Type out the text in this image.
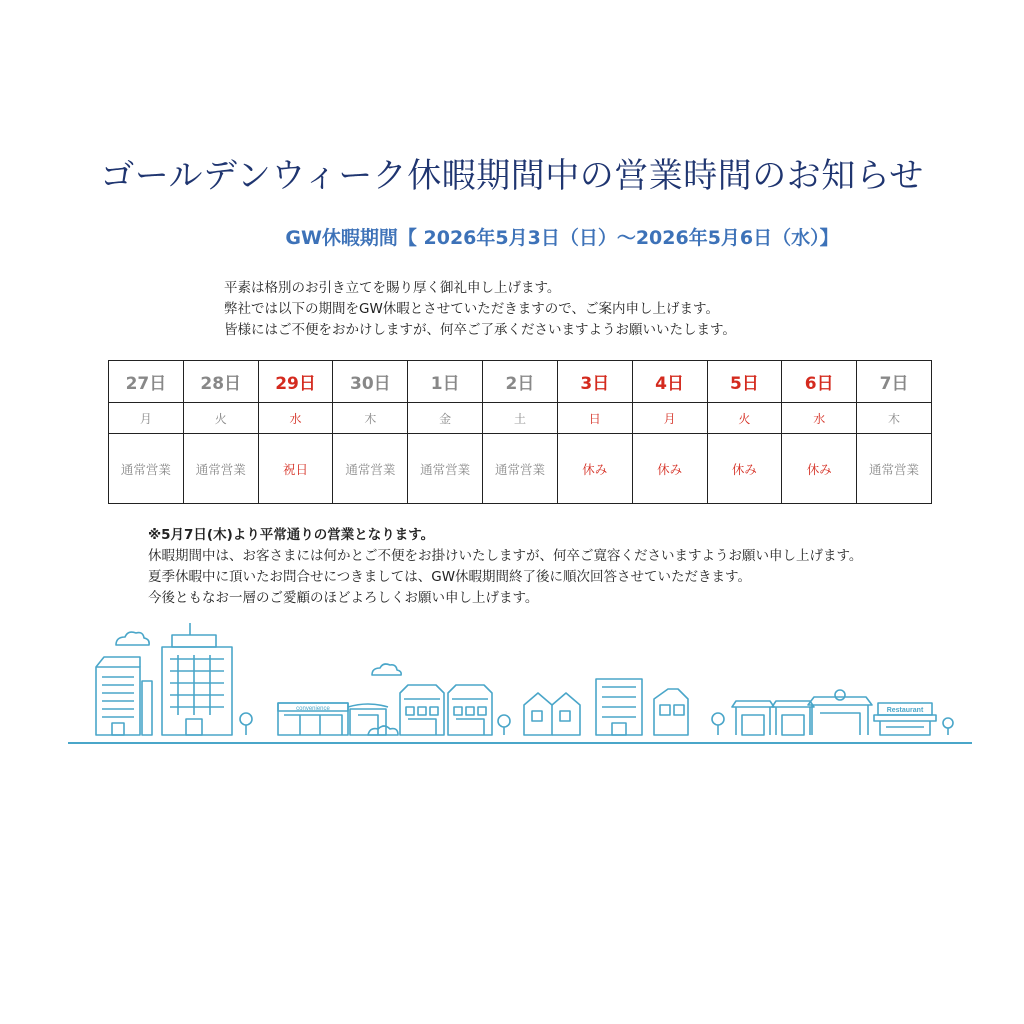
ゴールデンウィーク休暇期間中の営業時間のお知らせ
GW休暇期間【 2026年5月3日（日）～2026年5月6日（水）】
平素は格別のお引き立てを賜り厚く御礼申し上げます。
弊社では以下の期間をGW休暇とさせていただきますので、ご案内申し上げます。
皆様にはご不便をおかけしますが、何卒ご了承くださいますようお願いいたします。
27日	28日	29日	30日	1日	2日	3日	4日	5日	6日	7日
月	火	水	木	金	土	日	月	火	水	木
通常営業	通常営業	祝日	通常営業	通常営業	通常営業	休み	休み	休み	休み	通常営業
※5月7日(木)より平常通りの営業となります。
休暇期間中は、お客さまには何かとご不便をお掛けいたしますが、何卒ご寛容くださいますようお願い申し上げます。
夏季休暇中に頂いたお問合せにつきましては、GW休暇期間終了後に順次回答させていただきます。
今後ともなお一層のご愛顧のほどよろしくお願い申し上げます。
convenience	Restaurant
